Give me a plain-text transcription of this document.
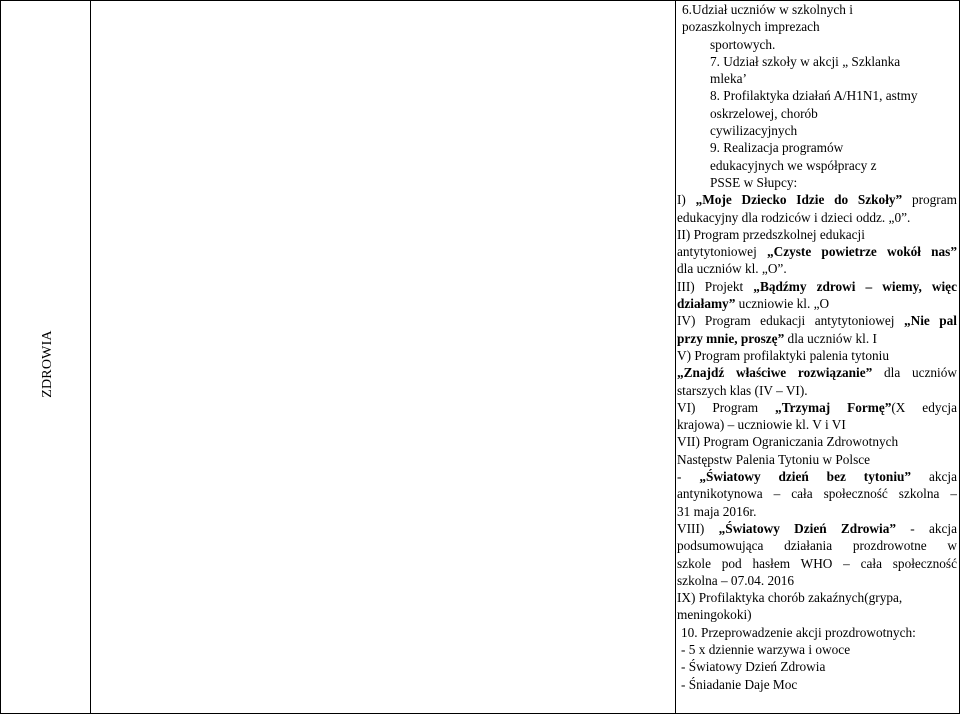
ZDROWIA
6.Udział uczniów w szkolnych i
pozaszkolnych imprezach
sportowych.
7. Udział szkoły w akcji „ Szklanka
mleka’
8. Profilaktyka działań A/H1N1, astmy
oskrzelowej, chorób
cywilizacyjnych
9. Realizacja programów
edukacyjnych we współpracy z
PSSE w Słupcy:
I) „Moje Dziecko Idzie do Szkoły” program
edukacyjny dla rodziców i dzieci oddz. „0”.
II) Program przedszkolnej edukacji
antytytoniowej „Czyste powietrze wokół nas”
dla uczniów kl. „O”.
III) Projekt „Bądźmy zdrowi – wiemy, więc
działamy” uczniowie kl. „O
IV) Program edukacji antytytoniowej „Nie pal
przy mnie, proszę” dla uczniów kl. I
V) Program profilaktyki palenia tytoniu
„Znajdź właściwe rozwiązanie” dla uczniów
starszych klas (IV – VI).
VI) Program „Trzymaj Formę”(X edycja
krajowa) – uczniowie kl. V i VI
VII) Program Ograniczania Zdrowotnych
Następstw Palenia Tytoniu w Polsce
- „Światowy dzień bez tytoniu” akcja
antynikotynowa – cała społeczność szkolna –
31 maja 2016r.
VIII) „Światowy Dzień Zdrowia” - akcja
podsumowująca działania prozdrowotne w
szkole pod hasłem WHO – cała społeczność
szkolna – 07.04. 2016
IX) Profilaktyka chorób zakaźnych(grypa,
meningokoki)
10. Przeprowadzenie akcji prozdrowotnych:
- 5 x dziennie warzywa i owoce
- Światowy Dzień Zdrowia
- Śniadanie Daje Moc
